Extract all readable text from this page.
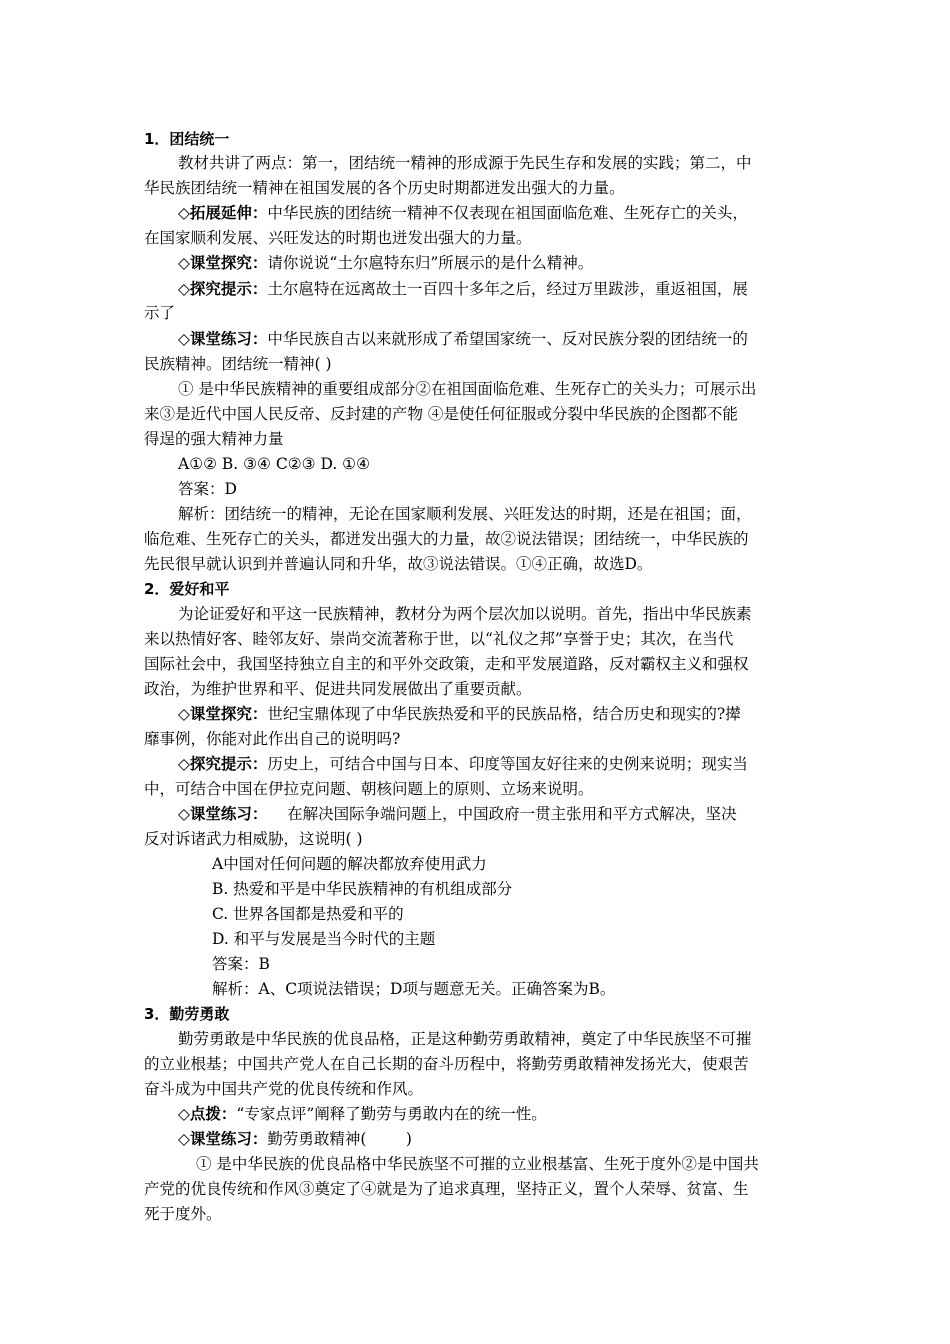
1．团结统一
教材共讲了两点：第一，团结统一精神的形成源于先民生存和发展的实践；第二，中
华民族团结统一精神在祖国发展的各个历史时期都迸发出强大的力量。
◇拓展延伸：中华民族的团结统一精神不仅表现在祖国面临危难、生死存亡的关头，
在国家顺利发展、兴旺发达的时期也迸发出强大的力量。
◇课堂探究：请你说说“土尔扈特东归”所展示的是什么精神。
◇探究提示：土尔扈特在远离故土一百四十多年之后，经过万里跋涉，重返祖国，展
示了
◇课堂练习：中华民族自古以来就形成了希望国家统一、反对民族分裂的团结统一的
民族精神。团结统一精神( )
① 是中华民族精神的重要组成部分②在祖国面临危难、生死存亡的关头力；可展示出
来③是近代中国人民反帝、反封建的产物 ④是使任何征服或分裂中华民族的企图都不能
得逞的强大精神力量
A①② B. ③④ C②③ D. ①④
答案：D
解析：团结统一的精神，无论在国家顺利发展、兴旺发达的时期，还是在祖国；面，
临危难、生死存亡的关头，都迸发出强大的力量，故②说法错误；团结统一，中华民族的
先民很早就认识到并普遍认同和升华，故③说法错误。①④正确，故选D。
2．爱好和平
为论证爱好和平这一民族精神，教材分为两个层次加以说明。首先，指出中华民族素
来以热情好客、睦邻友好、崇尚交流著称于世，以“礼仪之邦”享誉于史；其次，在当代
国际社会中，我国坚持独立自主的和平外交政策，走和平发展道路，反对霸权主义和强权
政治，为维护世界和平、促进共同发展做出了重要贡献。
◇课堂探究：世纪宝鼎体现了中华民族热爱和平的民族品格，结合历史和现实的?撵
靡事例，你能对此作出自己的说明吗?
◇探究提示：历史上，可结合中国与日本、印度等国友好往来的史例来说明；现实当
中，可结合中国在伊拉克问题、朝核问题上的原则、立场来说明。
◇课堂练习：    在解决国际争端问题上，中国政府一贯主张用和平方式解决，坚决
反对诉诸武力相威胁，这说明( )
A中国对任何问题的解决都放弃使用武力
B. 热爱和平是中华民族精神的有机组成部分
C. 世界各国都是热爱和平的
D. 和平与发展是当今时代的主题
答案：B
解析：A、C项说法错误；D项与题意无关。正确答案为B。
3．勤劳勇敢
勤劳勇敢是中华民族的优良品格，正是这种勤劳勇敢精神，奠定了中华民族坚不可摧
的立业根基；中国共产党人在自己长期的奋斗历程中，将勤劳勇敢精神发扬光大，使艰苦
奋斗成为中国共产党的优良传统和作风。
◇点拨：“专家点评”阐释了勤劳与勇敢内在的统一性。
◇课堂练习：勤劳勇敢精神(        )
① 是中华民族的优良品格中华民族坚不可摧的立业根基富、生死于度外②是中国共
产党的优良传统和作风③奠定了④就是为了追求真理，坚持正义，置个人荣辱、贫富、生
死于度外。
